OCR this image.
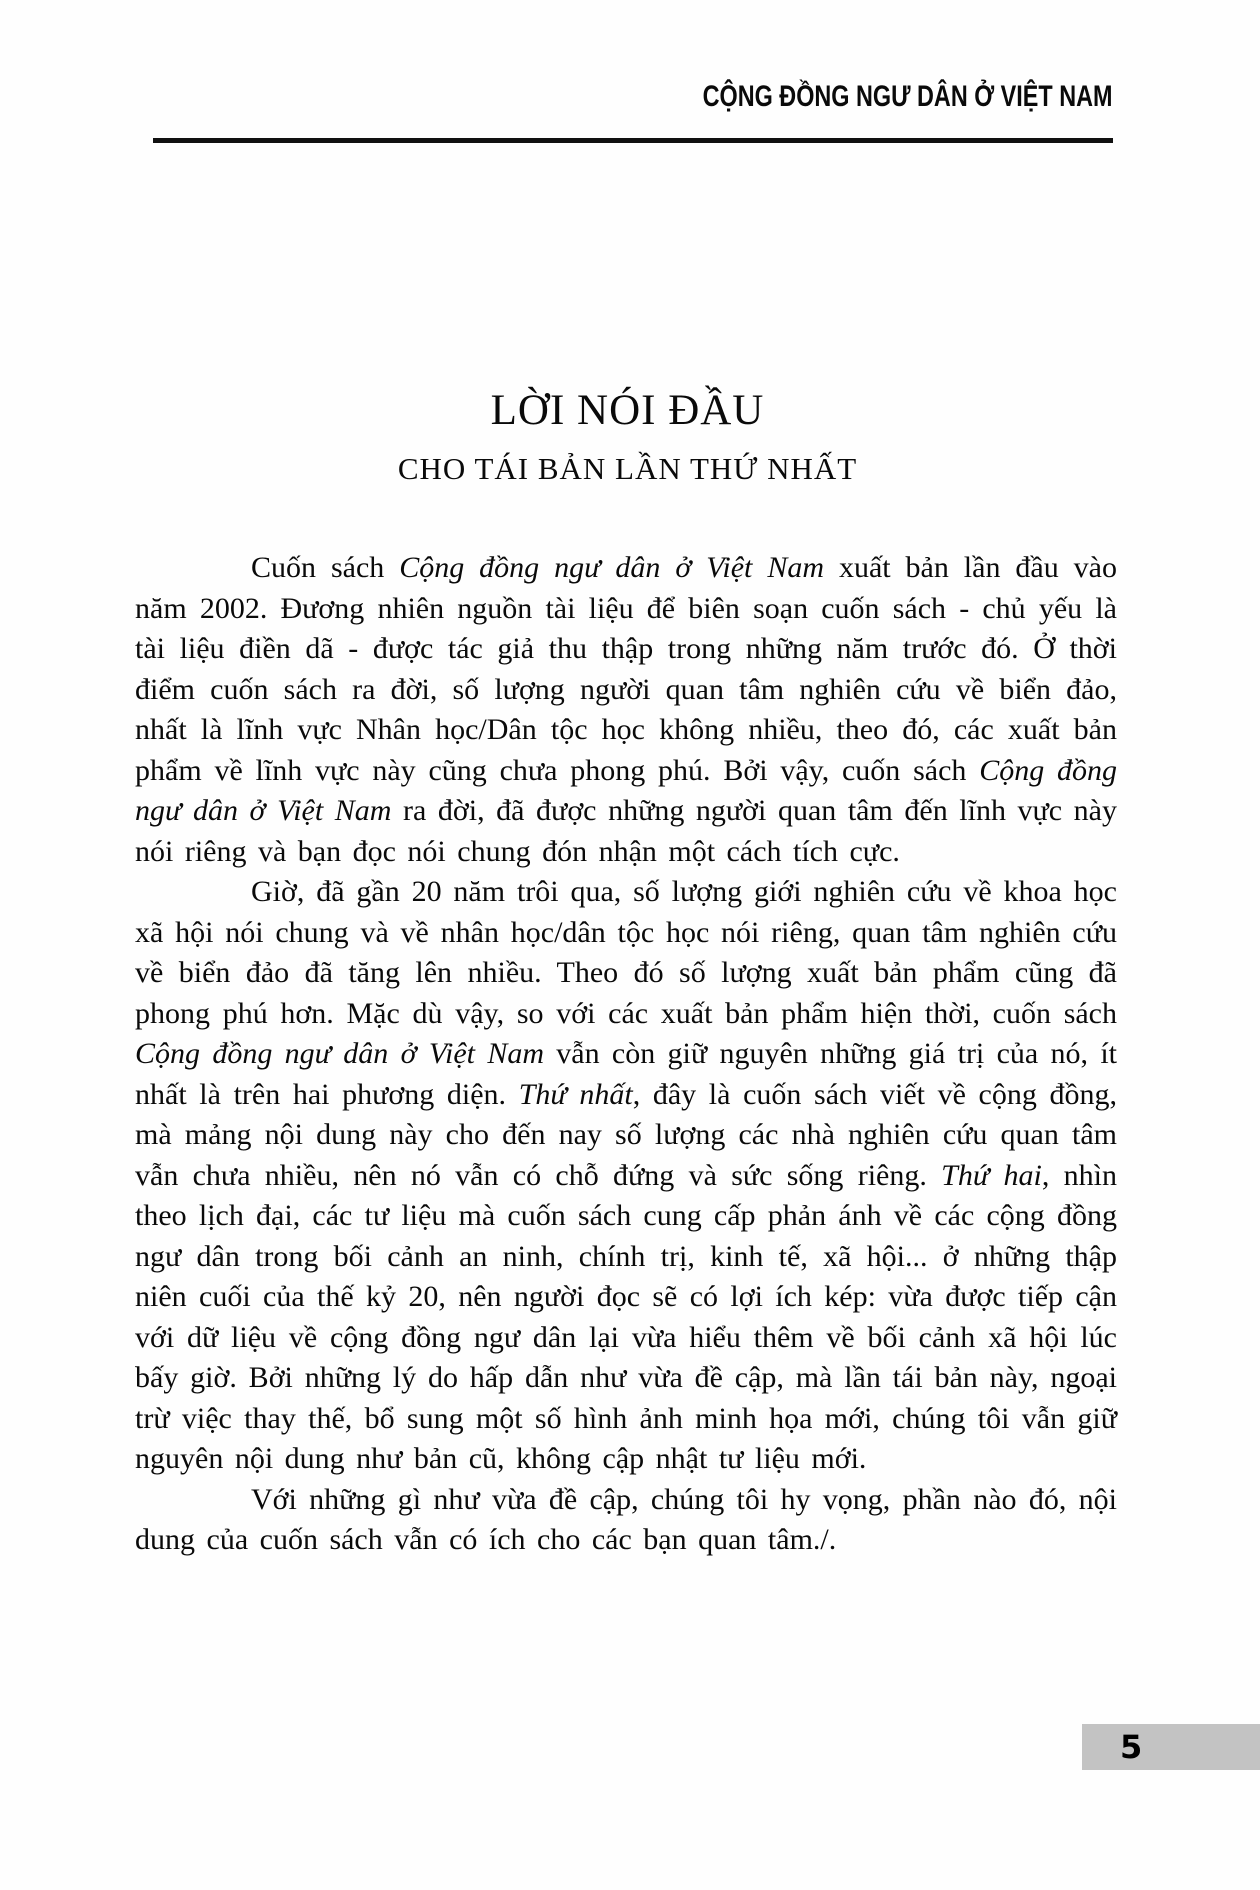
CỘNG ĐỒNG NGƯ DÂN Ở VIỆT NAM
LỜI NÓI ĐẦU
CHO TÁI BẢN LẦN THỨ NHẤT

Cuốn sách Cộng đồng ngư dân ở Việt Nam xuất bản lần đầu vào năm 2002. Đương nhiên nguồn tài liệu để biên soạn cuốn sách - chủ yếu là tài liệu điền dã - được tác giả thu thập trong những năm trước đó. Ở thời điểm cuốn sách ra đời, số lượng người quan tâm nghiên cứu về biển đảo, nhất là lĩnh vực Nhân học/Dân tộc học không nhiều, theo đó, các xuất bản phẩm về lĩnh vực này cũng chưa phong phú. Bởi vậy, cuốn sách Cộng đồng ngư dân ở Việt Nam ra đời, đã được những người quan tâm đến lĩnh vực này nói riêng và bạn đọc nói chung đón nhận một cách tích cực.

Giờ, đã gần 20 năm trôi qua, số lượng giới nghiên cứu về khoa học xã hội nói chung và về nhân học/dân tộc học nói riêng, quan tâm nghiên cứu về biển đảo đã tăng lên nhiều. Theo đó số lượng xuất bản phẩm cũng đã phong phú hơn. Mặc dù vậy, so với các xuất bản phẩm hiện thời, cuốn sách Cộng đồng ngư dân ở Việt Nam vẫn còn giữ nguyên những giá trị của nó, ít nhất là trên hai phương diện. Thứ nhất, đây là cuốn sách viết về cộng đồng, mà mảng nội dung này cho đến nay số lượng các nhà nghiên cứu quan tâm vẫn chưa nhiều, nên nó vẫn có chỗ đứng và sức sống riêng. Thứ hai, nhìn theo lịch đại, các tư liệu mà cuốn sách cung cấp phản ánh về các cộng đồng ngư dân trong bối cảnh an ninh, chính trị, kinh tế, xã hội... ở những thập niên cuối của thế kỷ 20, nên người đọc sẽ có lợi ích kép: vừa được tiếp cận với dữ liệu về cộng đồng ngư dân lại vừa hiểu thêm về bối cảnh xã hội lúc bấy giờ. Bởi những lý do hấp dẫn như vừa đề cập, mà lần tái bản này, ngoại trừ việc thay thế, bổ sung một số hình ảnh minh họa mới, chúng tôi vẫn giữ nguyên nội dung như bản cũ, không cập nhật tư liệu mới.

Với những gì như vừa đề cập, chúng tôi hy vọng, phần nào đó, nội dung của cuốn sách vẫn có ích cho các bạn quan tâm./.

5
